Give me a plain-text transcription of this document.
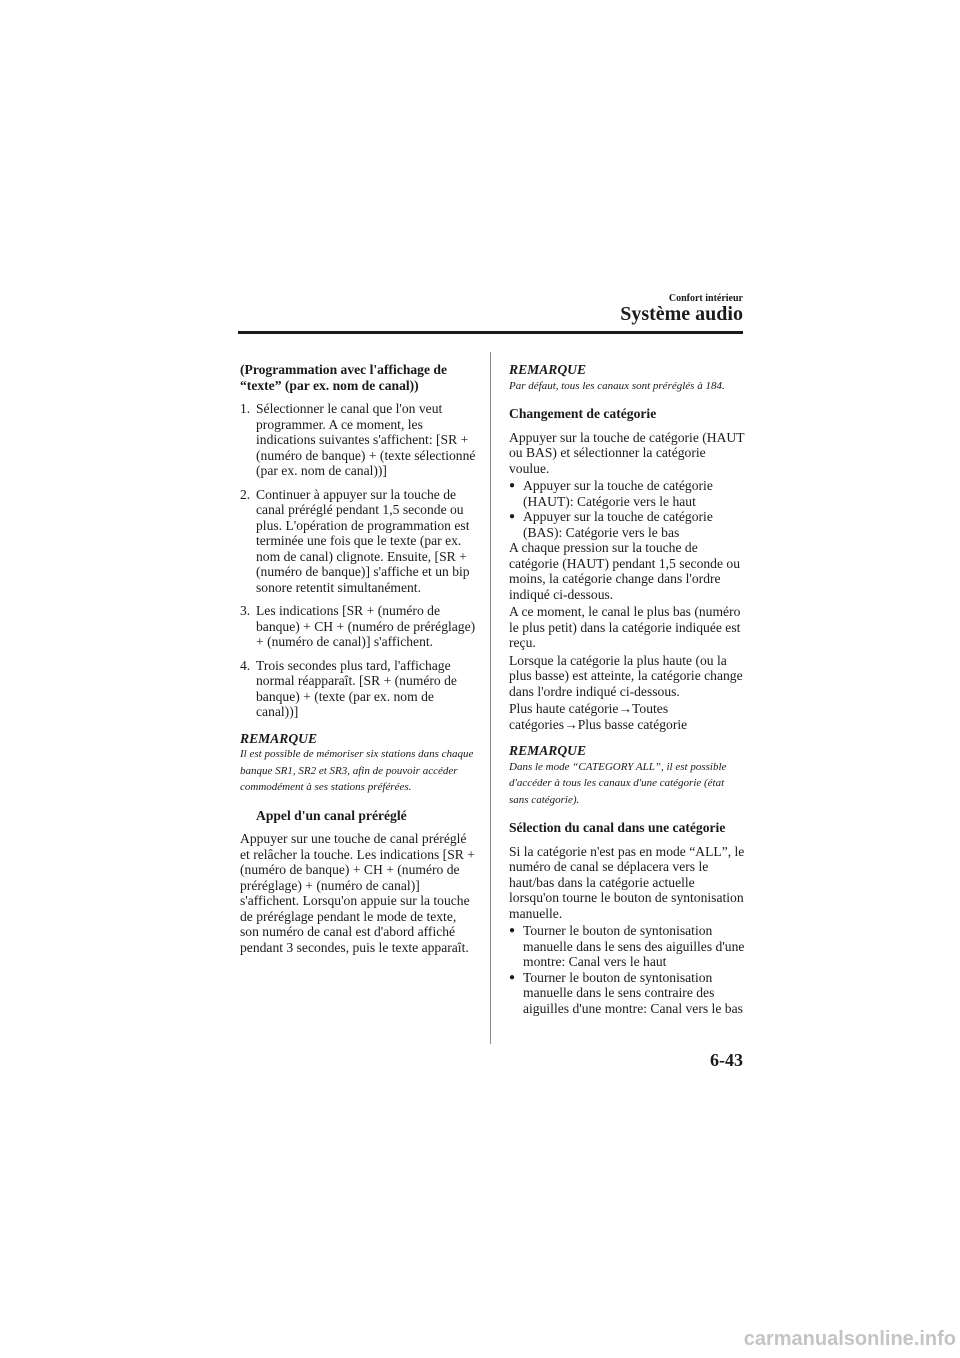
Confort intérieur
Système audio
(Programmation avec l'affichage de
“texte” (par ex. nom de canal))
1. Sélectionner le canal que l'on veut programmer. A ce moment, les indications suivantes s'affichent: [SR + (numéro de banque) + (texte sélectionné (par ex. nom de canal))]
2. Continuer à appuyer sur la touche de canal préréglé pendant 1,5 seconde ou plus. L'opération de programmation est terminée une fois que le texte (par ex. nom de canal) clignote. Ensuite, [SR + (numéro de banque)] s'affiche et un bip sonore retentit simultanément.
3. Les indications [SR + (numéro de banque) + CH + (numéro de préréglage) + (numéro de canal)] s'affichent.
4. Trois secondes plus tard, l'affichage normal réapparaît. [SR + (numéro de banque) + (texte (par ex. nom de canal))]
REMARQUE
Il est possible de mémoriser six stations dans chaque banque SR1, SR2 et SR3, afin de pouvoir accéder commodément à ses stations préférées.
Appel d'un canal préréglé
Appuyer sur une touche de canal préréglé et relâcher la touche. Les indications [SR + (numéro de banque) + CH + (numéro de préréglage) + (numéro de canal)] s'affichent. Lorsqu'on appuie sur la touche de préréglage pendant le mode de texte, son numéro de canal est d'abord affiché pendant 3 secondes, puis le texte apparaît.
REMARQUE
Par défaut, tous les canaux sont préréglés à 184.
Changement de catégorie
Appuyer sur la touche de catégorie (HAUT ou BAS) et sélectionner la catégorie voulue.
● Appuyer sur la touche de catégorie (HAUT): Catégorie vers le haut
● Appuyer sur la touche de catégorie (BAS): Catégorie vers le bas
A chaque pression sur la touche de catégorie (HAUT) pendant 1,5 seconde ou moins, la catégorie change dans l'ordre indiqué ci-dessous.
A ce moment, le canal le plus bas (numéro le plus petit) dans la catégorie indiquée est reçu.
Lorsque la catégorie la plus haute (ou la plus basse) est atteinte, la catégorie change dans l'ordre indiqué ci-dessous.
Plus haute catégorie→Toutes catégories→Plus basse catégorie
REMARQUE
Dans le mode “CATEGORY ALL”, il est possible d'accéder à tous les canaux d'une catégorie (état sans catégorie).
Sélection du canal dans une catégorie
Si la catégorie n'est pas en mode “ALL”, le numéro de canal se déplacera vers le haut/bas dans la catégorie actuelle lorsqu'on tourne le bouton de syntonisation manuelle.
● Tourner le bouton de syntonisation manuelle dans le sens des aiguilles d'une montre: Canal vers le haut
● Tourner le bouton de syntonisation manuelle dans le sens contraire des aiguilles d'une montre: Canal vers le bas
6-43
carmanualsonline.info
